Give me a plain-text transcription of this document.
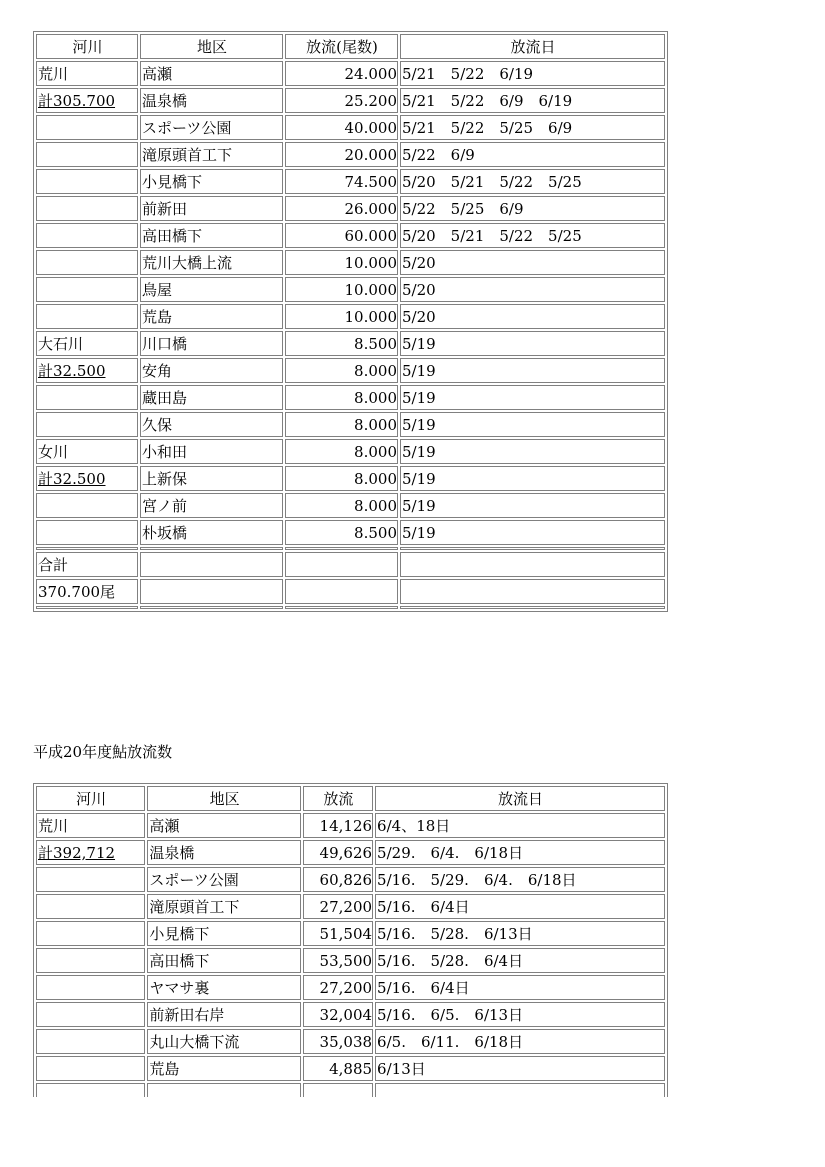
河川	地区	放流(尾数)	放流日
荒川	高瀬	24.000	5/21　5/22　6/19
計305.700	温泉橋	25.200	5/21　5/22　6/9　6/19
	スポーツ公園	40.000	5/21　5/22　5/25　6/9
	滝原頭首工下	20.000	5/22　6/9
	小見橋下	74.500	5/20　5/21　5/22　5/25
	前新田	26.000	5/22　5/25　6/9
	高田橋下	60.000	5/20　5/21　5/22　5/25
	荒川大橋上流	10.000	5/20
	鳥屋	10.000	5/20
	荒島	10.000	5/20
大石川	川口橋	8.500	5/19
計32.500	安角	8.000	5/19
	蔵田島	8.000	5/19
	久保	8.000	5/19
女川	小和田	8.000	5/19
計32.500	上新保	8.000	5/19
	宮ノ前	8.000	5/19
	朴坂橋	8.500	5/19

合計			
370.700尾			

平成20年度鮎放流数
河川	地区	放流	放流日
荒川	高瀬	14,126	6/4、18日
計392,712	温泉橋	49,626	5/29.　6/4.　6/18日
	スポーツ公園	60,826	5/16.　5/29.　6/4.　6/18日
	滝原頭首工下	27,200	5/16.　6/4日
	小見橋下	51,504	5/16.　5/28.　6/13日
	高田橋下	53,500	5/16.　5/28.　6/4日
	ヤマサ裏	27,200	5/16.　6/4日
	前新田右岸	32,004	5/16.　6/5.　6/13日
	丸山大橋下流	35,038	6/5.　6/11.　6/18日
	荒島	4,885	6/13日
